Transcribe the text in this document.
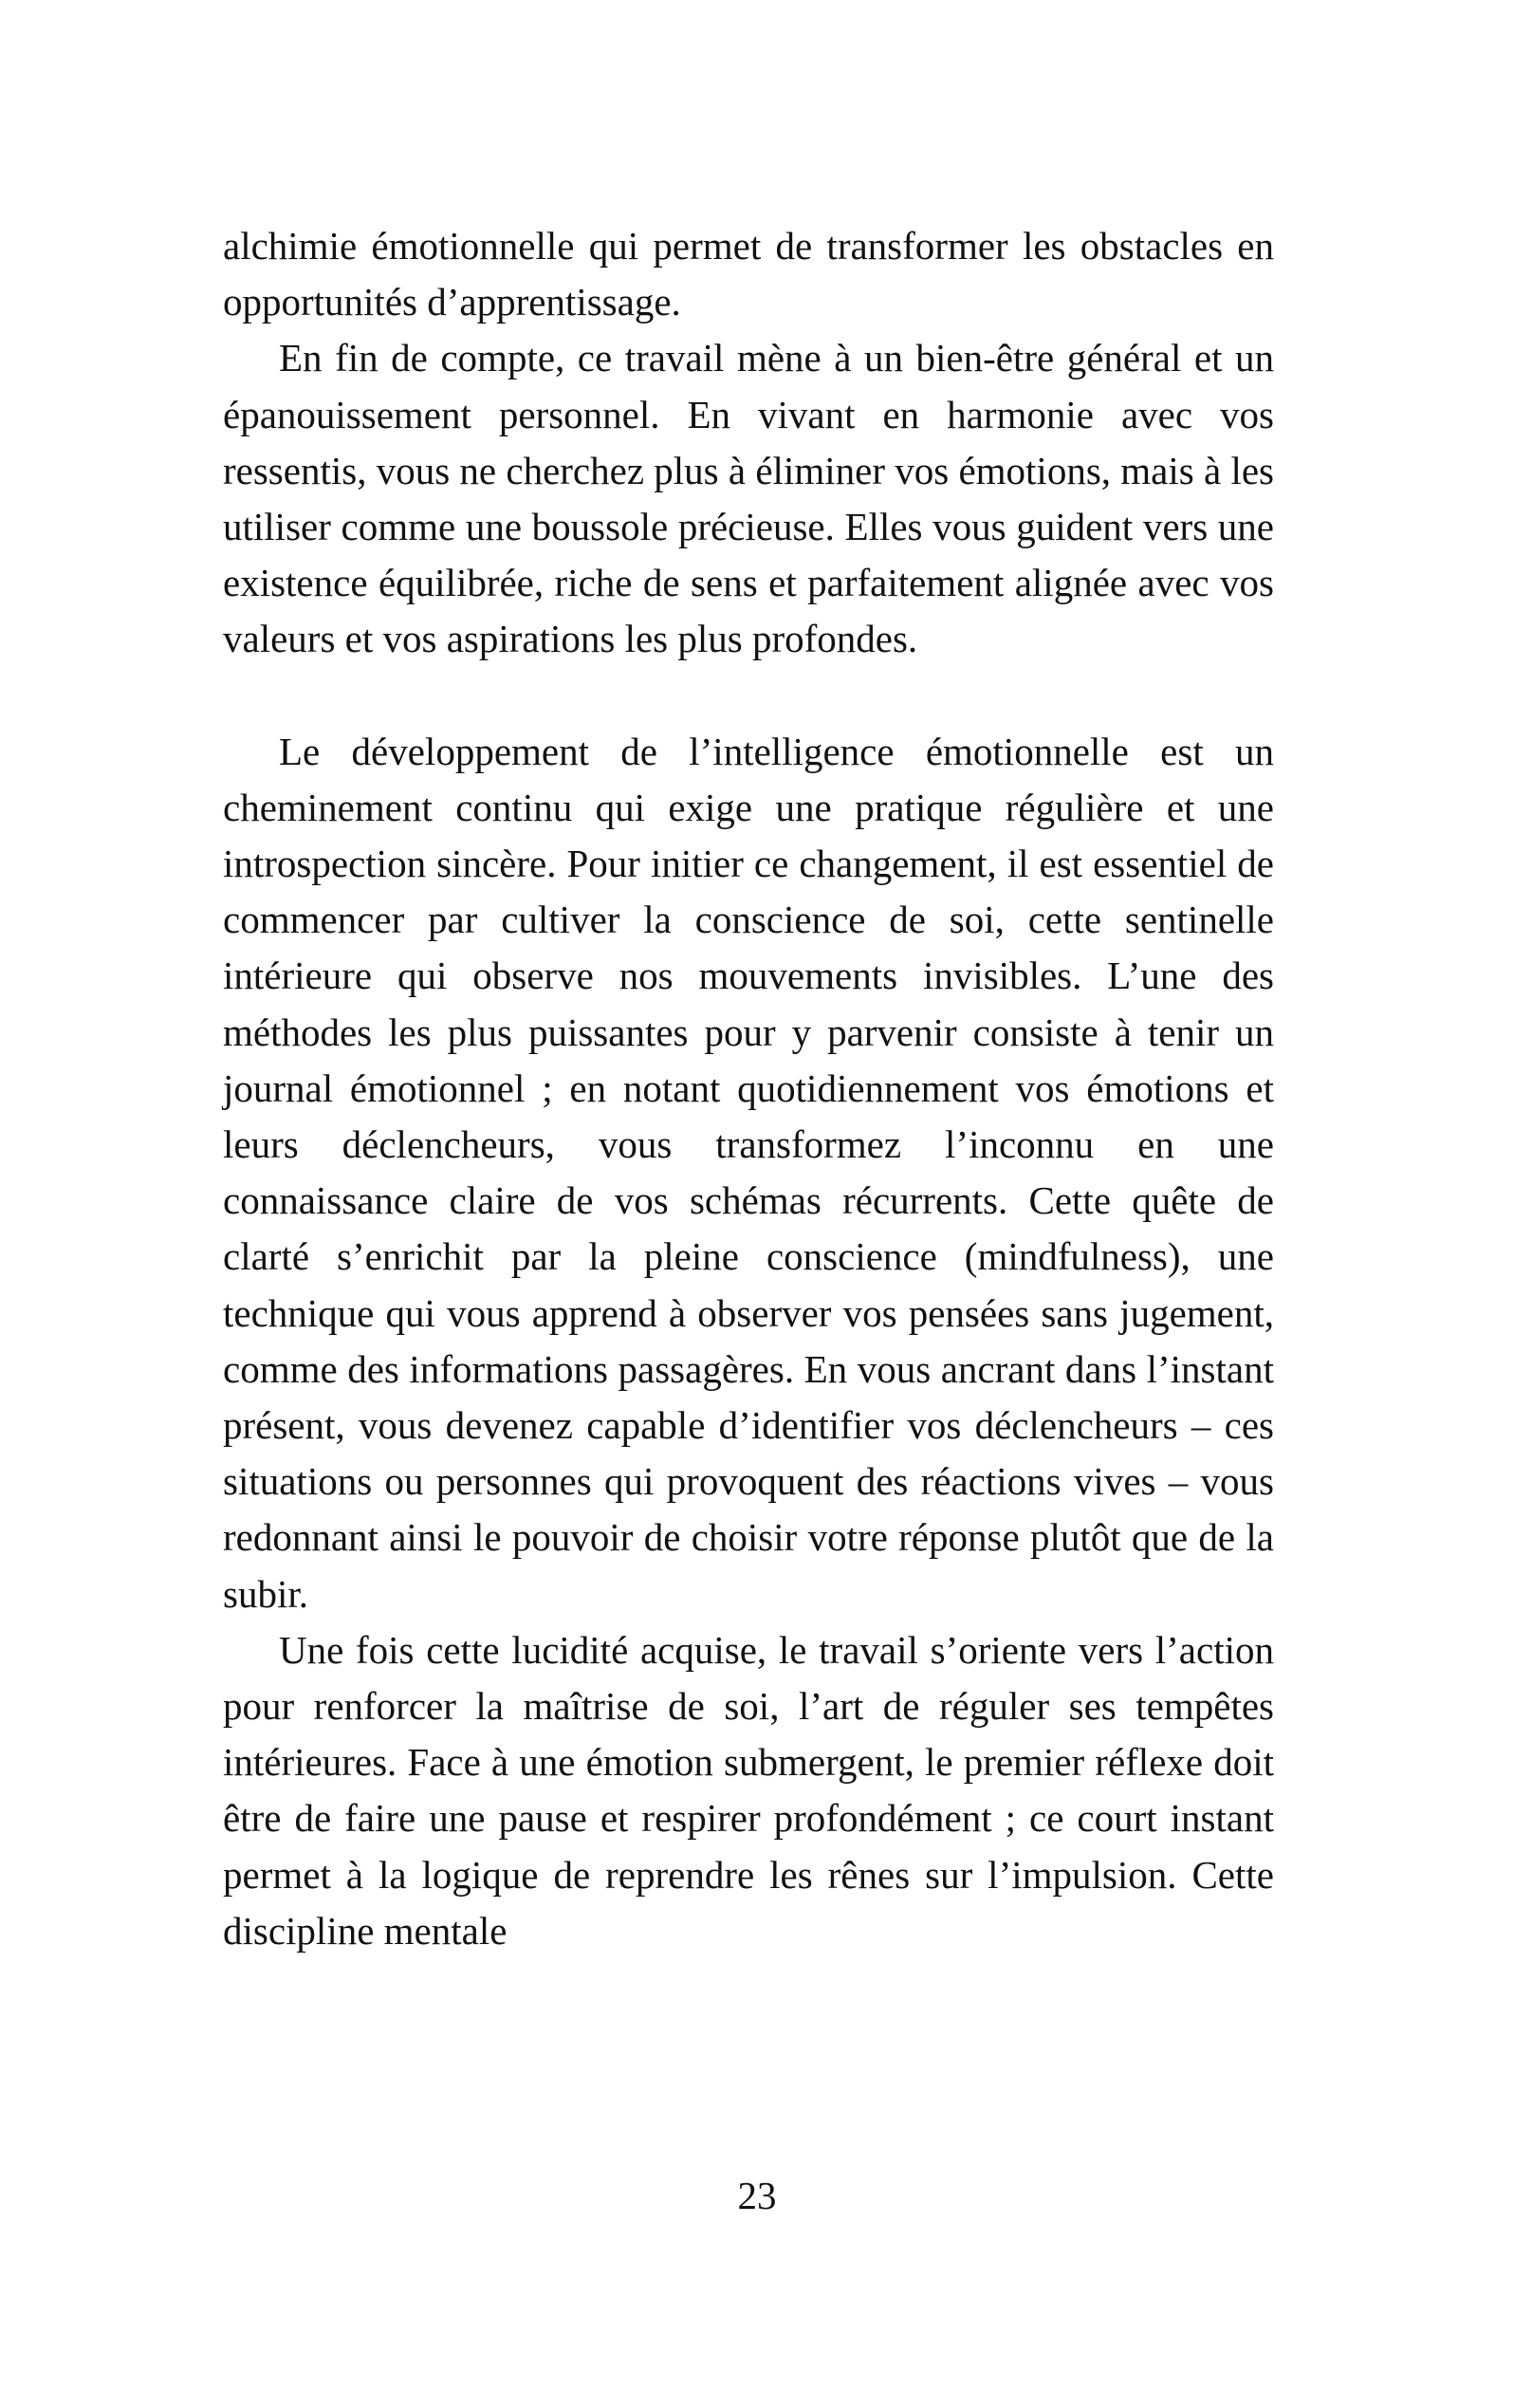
alchimie émotionnelle qui permet de transformer les obstacles en opportunités d’apprentissage.

En fin de compte, ce travail mène à un bien-être général et un épanouissement personnel. En vivant en harmonie avec vos ressentis, vous ne cherchez plus à éliminer vos émotions, mais à les utiliser comme une boussole précieuse. Elles vous guident vers une existence équilibrée, riche de sens et parfaitement alignée avec vos valeurs et vos aspirations les plus profondes.

Le développement de l’intelligence émotionnelle est un cheminement continu qui exige une pratique régulière et une introspection sincère. Pour initier ce changement, il est essentiel de commencer par cultiver la conscience de soi, cette sentinelle intérieure qui observe nos mouvements invisibles. L’une des méthodes les plus puissantes pour y parvenir consiste à tenir un journal émotionnel ; en notant quotidiennement vos émotions et leurs déclencheurs, vous transformez l’inconnu en une connaissance claire de vos schémas récurrents. Cette quête de clarté s’enrichit par la pleine conscience (mindfulness), une technique qui vous apprend à observer vos pensées sans jugement, comme des informations passagères. En vous ancrant dans l’instant présent, vous devenez capable d’identifier vos déclencheurs – ces situations ou personnes qui provoquent des réactions vives – vous redonnant ainsi le pouvoir de choisir votre réponse plutôt que de la subir.

Une fois cette lucidité acquise, le travail s’oriente vers l’action pour renforcer la maîtrise de soi, l’art de réguler ses tempêtes intérieures. Face à une émotion submergent, le premier réflexe doit être de faire une pause et respirer profondément ; ce court instant permet à la logique de reprendre les rênes sur l’impulsion. Cette discipline mentale

23
